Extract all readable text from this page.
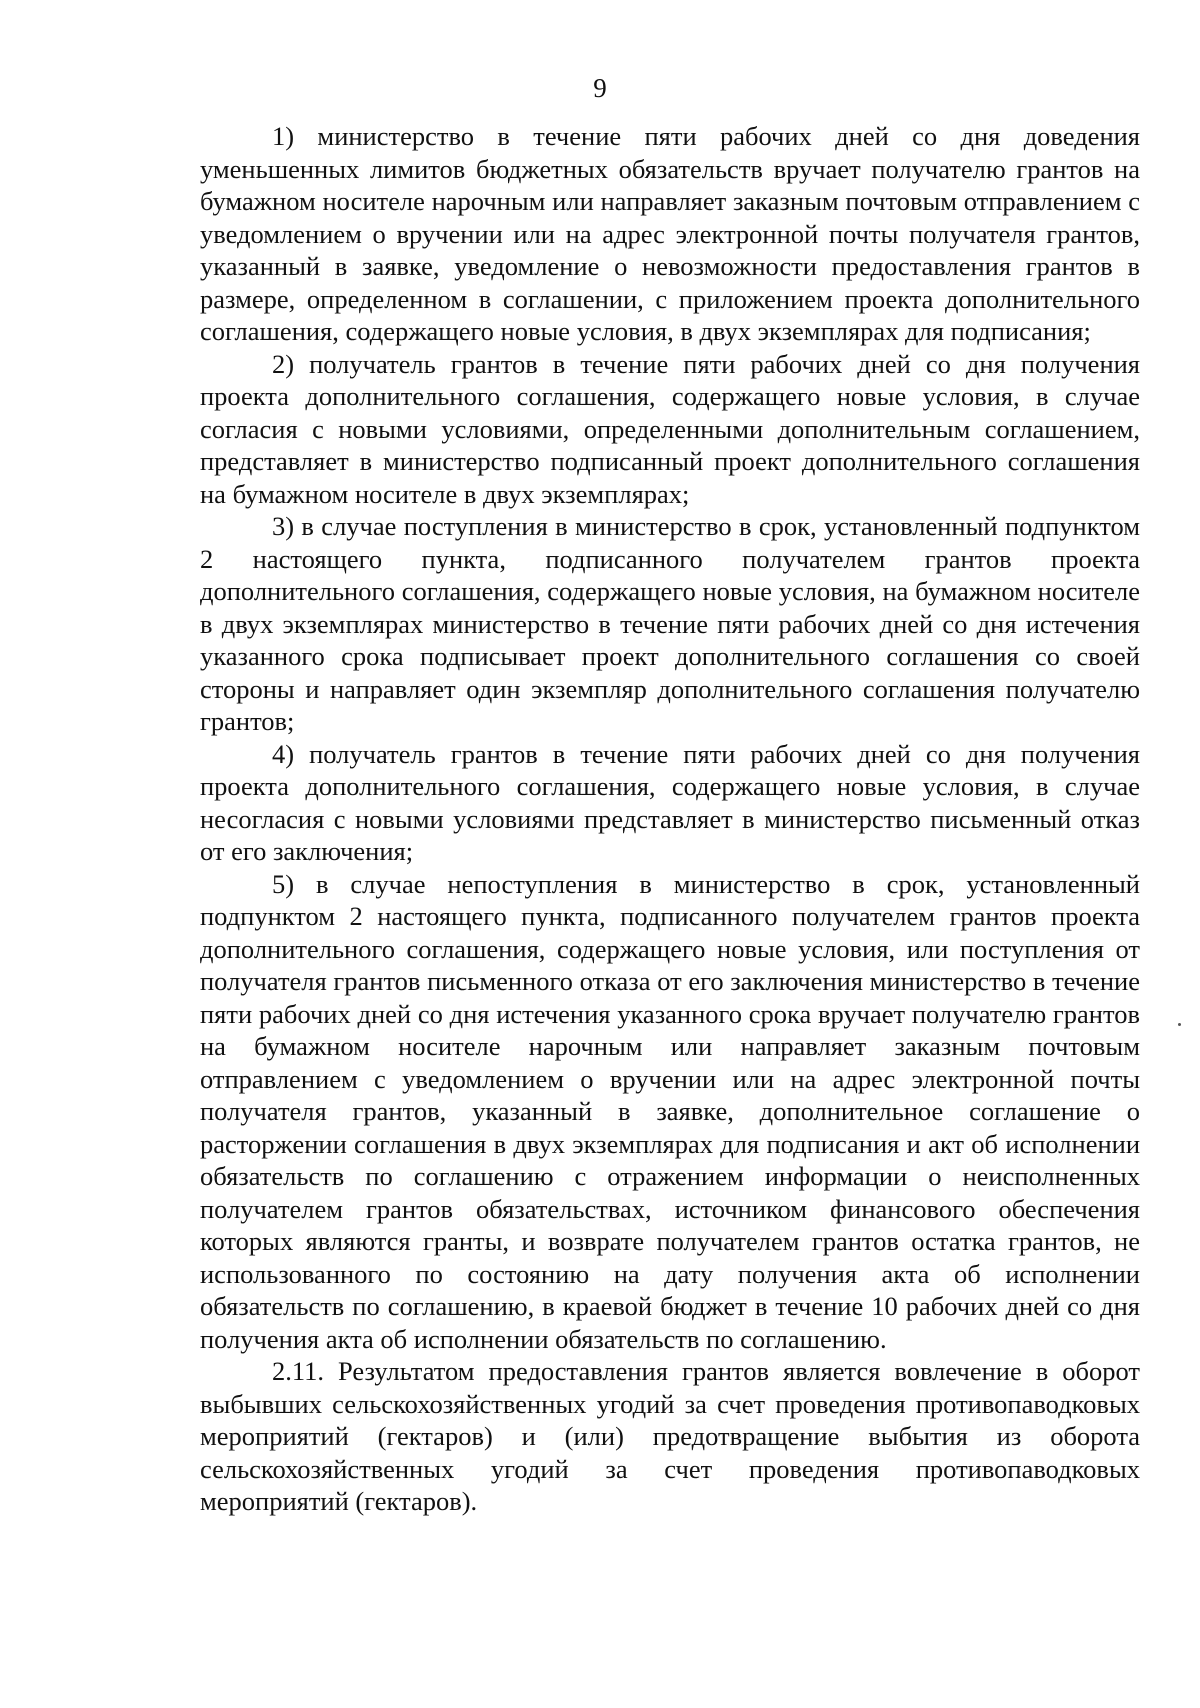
9

1) министерство в течение пяти рабочих дней со дня доведения уменьшенных лимитов бюджетных обязательств вручает получателю грантов на бумажном носителе нарочным или направляет заказным почтовым отправлением с уведомлением о вручении или на адрес электронной почты получателя грантов, указанный в заявке, уведомление о невозможности предоставления грантов в размере, определенном в соглашении, с приложением проекта дополнительного соглашения, содержащего новые условия, в двух экземплярах для подписания;

2) получатель грантов в течение пяти рабочих дней со дня получения проекта дополнительного соглашения, содержащего новые условия, в случае согласия с новыми условиями, определенными дополнительным соглашением, представляет в министерство подписанный проект дополнительного соглашения на бумажном носителе в двух экземплярах;

3) в случае поступления в министерство в срок, установленный подпунктом 2 настоящего пункта, подписанного получателем грантов проекта дополнительного соглашения, содержащего новые условия, на бумажном носителе в двух экземплярах министерство в течение пяти рабочих дней со дня истечения указанного срока подписывает проект дополнительного соглашения со своей стороны и направляет один экземпляр дополнительного соглашения получателю грантов;

4) получатель грантов в течение пяти рабочих дней со дня получения проекта дополнительного соглашения, содержащего новые условия, в случае несогласия с новыми условиями представляет в министерство письменный отказ от его заключения;

5) в случае непоступления в министерство в срок, установленный подпунктом 2 настоящего пункта, подписанного получателем грантов проекта дополнительного соглашения, содержащего новые условия, или поступления от получателя грантов письменного отказа от его заключения министерство в течение пяти рабочих дней со дня истечения указанного срока вручает получателю грантов на бумажном носителе нарочным или направляет заказным почтовым отправлением с уведомлением о вручении или на адрес электронной почты получателя грантов, указанный в заявке, дополнительное соглашение о расторжении соглашения в двух экземплярах для подписания и акт об исполнении обязательств по соглашению с отражением информации о неисполненных получателем грантов обязательствах, источником финансового обеспечения которых являются гранты, и возврате получателем грантов остатка грантов, не использованного по состоянию на дату получения акта об исполнении обязательств по соглашению, в краевой бюджет в течение 10 рабочих дней со дня получения акта об исполнении обязательств по соглашению.

2.11. Результатом предоставления грантов является вовлечение в оборот выбывших сельскохозяйственных угодий за счет проведения противопаводковых мероприятий (гектаров) и (или) предотвращение выбытия из оборота сельскохозяйственных угодий за счет проведения противопаводковых мероприятий (гектаров).
